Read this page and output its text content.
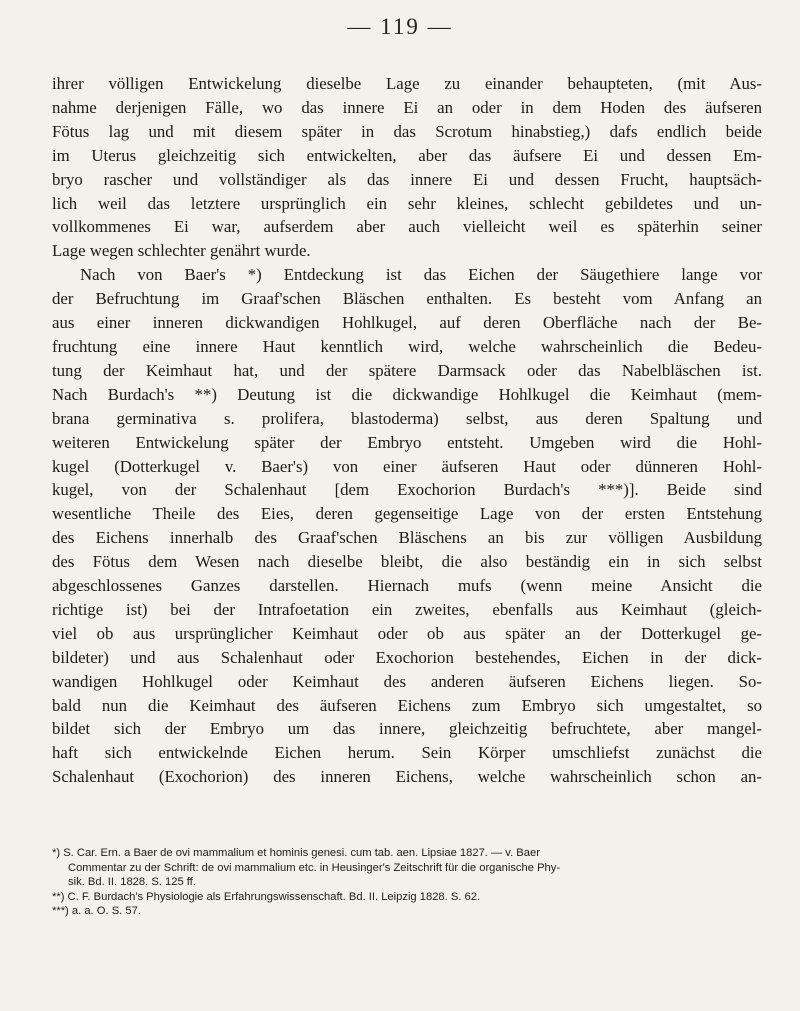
— 119 —
ihrer völligen Entwickelung dieselbe Lage zu einander behaupteten, (mit Aus-
nahme derjenigen Fälle, wo das innere Ei an oder in dem Hoden des äufseren
Fötus lag und mit diesem später in das Scrotum hinabstieg,) dafs endlich beide
im Uterus gleichzeitig sich entwickelten, aber das äufsere Ei und dessen Em-
bryo rascher und vollständiger als das innere Ei und dessen Frucht, hauptsäch-
lich weil das letztere ursprünglich ein sehr kleines, schlecht gebildetes und un-
vollkommenes Ei war, aufserdem aber auch vielleicht weil es späterhin seiner
Lage wegen schlechter genährt wurde.
Nach von Baer's *) Entdeckung ist das Eichen der Säugethiere lange vor
der Befruchtung im Graaf'schen Bläschen enthalten. Es besteht vom Anfang an
aus einer inneren dickwandigen Hohlkugel, auf deren Oberfläche nach der Be-
fruchtung eine innere Haut kenntlich wird, welche wahrscheinlich die Bedeu-
tung der Keimhaut hat, und der spätere Darmsack oder das Nabelbläschen ist.
Nach Burdach's **) Deutung ist die dickwandige Hohlkugel die Keimhaut (mem-
brana germinativa s. prolifera, blastoderma) selbst, aus deren Spaltung und
weiteren Entwickelung später der Embryo entsteht. Umgeben wird die Hohl-
kugel (Dotterkugel v. Baer's) von einer äufseren Haut oder dünneren Hohl-
kugel, von der Schalenhaut [dem Exochorion Burdach's ***)]. Beide sind
wesentliche Theile des Eies, deren gegenseitige Lage von der ersten Entstehung
des Eichens innerhalb des Graaf'schen Bläschens an bis zur völligen Ausbildung
des Fötus dem Wesen nach dieselbe bleibt, die also beständig ein in sich selbst
abgeschlossenes Ganzes darstellen. Hiernach mufs (wenn meine Ansicht die
richtige ist) bei der Intrafoetation ein zweites, ebenfalls aus Keimhaut (gleich-
viel ob aus ursprünglicher Keimhaut oder ob aus später an der Dotterkugel ge-
bildeter) und aus Schalenhaut oder Exochorion bestehendes, Eichen in der dick-
wandigen Hohlkugel oder Keimhaut des anderen äufseren Eichens liegen. So-
bald nun die Keimhaut des äufseren Eichens zum Embryo sich umgestaltet, so
bildet sich der Embryo um das innere, gleichzeitig befruchtete, aber mangel-
haft sich entwickelnde Eichen herum. Sein Körper umschliefst zunächst die
Schalenhaut (Exochorion) des inneren Eichens, welche wahrscheinlich schon an-
*) S. Car. Ern. a Baer de ovi mammalium et hominis genesi. cum tab. aen. Lipsiae 1827. — v. Baer
Commentar zu der Schrift: de ovi mammalium etc. in Heusinger's Zeitschrift für die organische Phy-
sik. Bd. II. 1828. S. 125 ff.
**) C. F. Burdach's Physiologie als Erfahrungswissenschaft. Bd. II. Leipzig 1828. S. 62.
***) a. a. O. S. 57.
